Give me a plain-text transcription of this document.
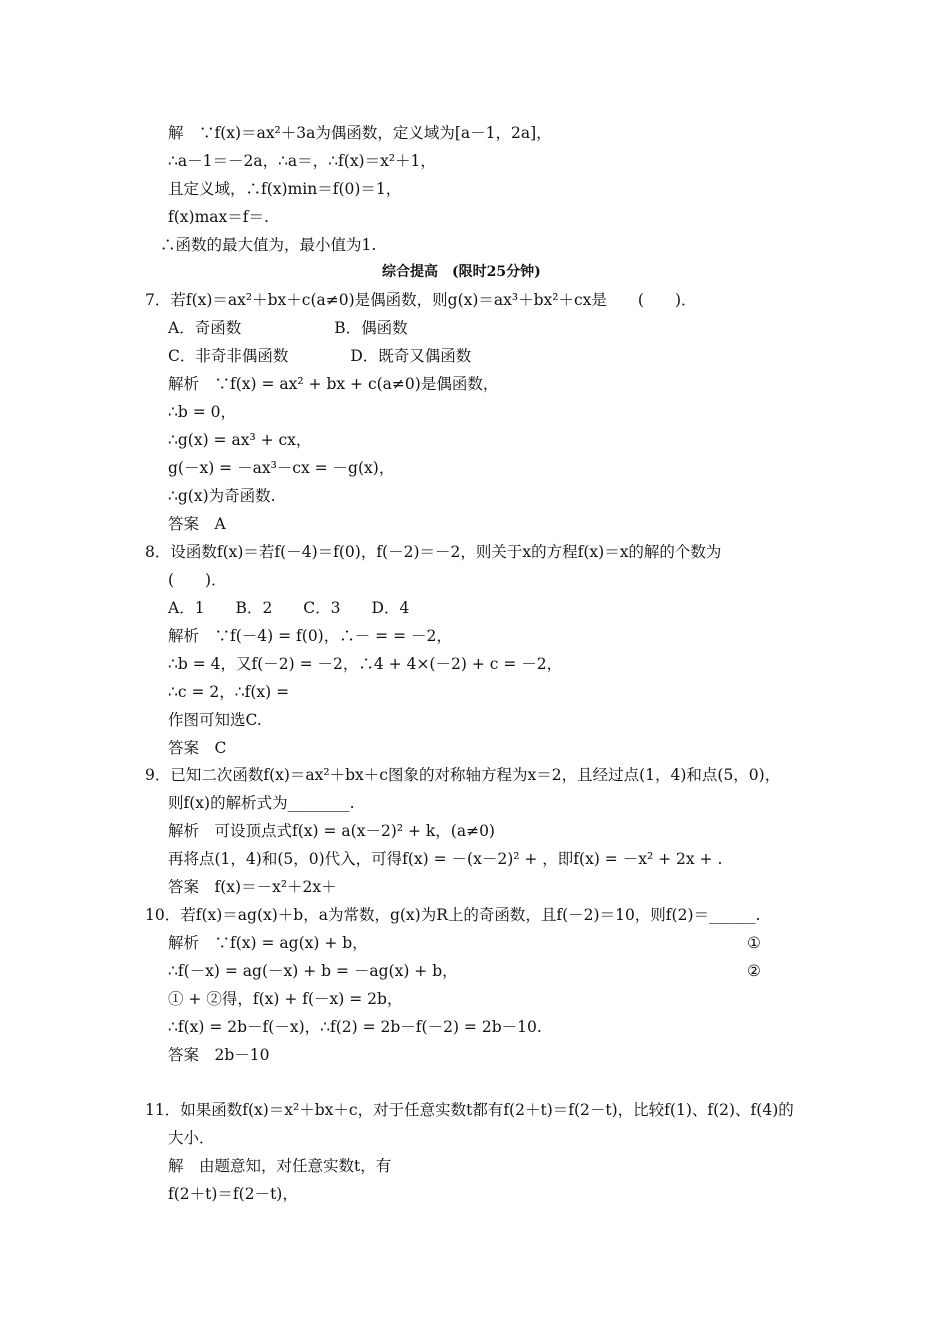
解　∵f(x)＝ax²＋3a为偶函数，定义域为[a－1，2a]，
∴a－1＝－2a，∴a＝，∴f(x)＝x²＋1，
且定义域，∴f(x)min＝f(0)＝1，
f(x)max＝f＝.
∴函数的最大值为，最小值为1.
综合提高　(限时25分钟)
7．若f(x)＝ax²＋bx＋c(a≠0)是偶函数，则g(x)＝ax³＋bx²＋cx是　　(　　)．
A．奇函数　　　　　　B．偶函数
C．非奇非偶函数　　　　D．既奇又偶函数
解析　∵f(x) = ax² + bx + c(a≠0)是偶函数，
∴b = 0，
∴g(x) = ax³ + cx，
g(－x) = －ax³－cx = －g(x)，
∴g(x)为奇函数.
答案　A
8．设函数f(x)＝若f(－4)＝f(0)，f(－2)＝－2，则关于x的方程f(x)＝x的解的个数为
(　　)．
A．1　　B．2　　C．3　　D．4
解析　∵f(－4) = f(0)，∴－ = = －2，
∴b = 4，又f(－2) = －2，∴4 + 4×(－2) + c = －2，
∴c = 2，∴f(x) =
作图可知选C.
答案　C
9．已知二次函数f(x)＝ax²＋bx＋c图象的对称轴方程为x＝2，且经过点(1，4)和点(5，0)，
则f(x)的解析式为________.
解析　可设顶点式f(x) = a(x－2)² + k，(a≠0)
再将点(1，4)和(5，0)代入，可得f(x) = －(x－2)² + ，即f(x) = －x² + 2x + .
答案　f(x)＝－x²＋2x＋
10．若f(x)＝ag(x)＋b，a为常数，g(x)为R上的奇函数，且f(－2)＝10，则f(2)＝______.
解析　∵f(x) = ag(x) + b，	①
∴f(－x) = ag(－x) + b = －ag(x) + b，	②
① + ②得，f(x) + f(－x) = 2b，
∴f(x) = 2b－f(－x)，∴f(2) = 2b－f(－2) = 2b－10.
答案　2b－10
11．如果函数f(x)＝x²＋bx＋c，对于任意实数t都有f(2＋t)＝f(2－t)，比较f(1)、f(2)、f(4)的
大小．
解　由题意知，对任意实数t，有
f(2＋t)＝f(2－t)，
